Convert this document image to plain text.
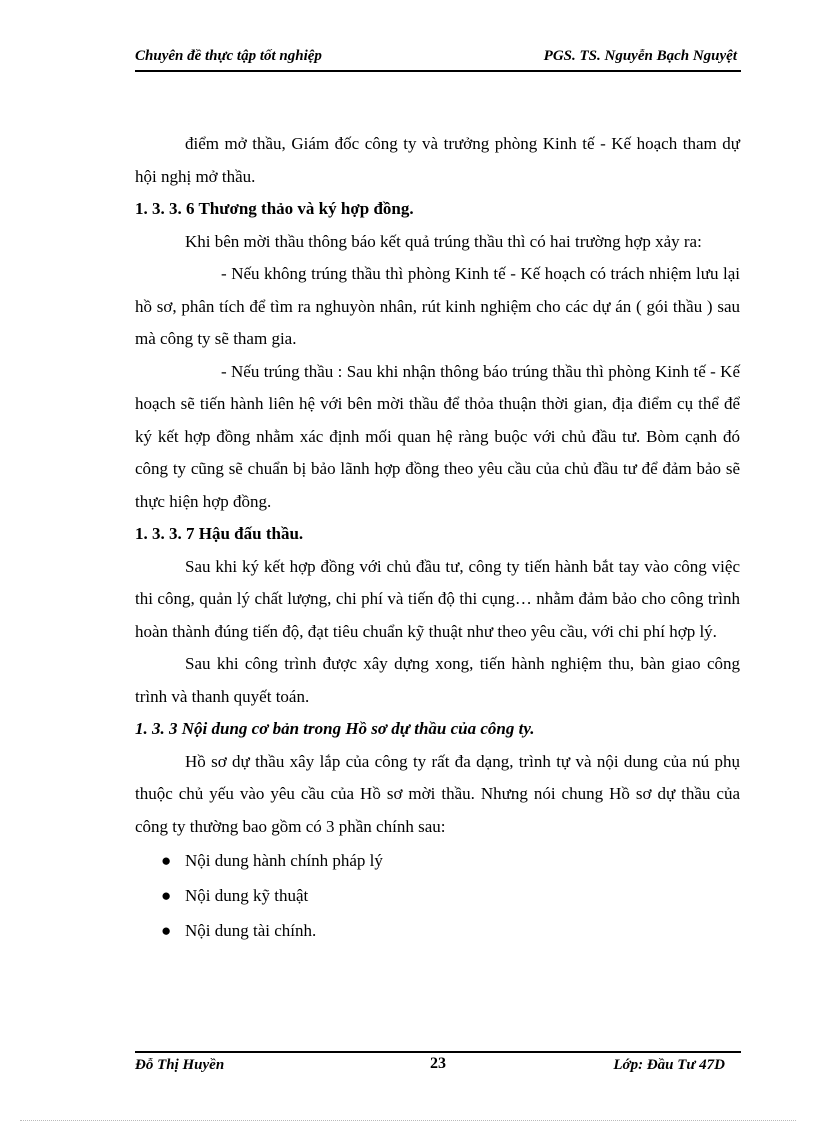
Chuyên đề thực tập tốt nghiệp	PGS. TS. Nguyễn Bạch Nguyệt

điểm mở thầu, Giám đốc công ty và trưởng phòng Kinh tế - Kế hoạch tham dự hội nghị mở thầu.

1. 3. 3. 6 Thương thảo và ký hợp đồng.

Khi bên mời thầu thông báo kết quả trúng thầu thì có hai trường hợp xảy ra:

- Nếu không trúng thầu thì phòng Kinh tế - Kế hoạch có trách nhiệm lưu lại hồ sơ, phân tích để tìm ra nghuyòn nhân, rút kinh nghiệm cho các dự án ( gói thầu ) sau mà công ty sẽ tham gia.

- Nếu trúng thầu : Sau khi nhận thông báo trúng thầu thì phòng Kinh tế - Kế hoạch sẽ tiến hành liên hệ với bên mời thầu để thỏa thuận thời gian, địa điểm cụ thể để ký kết hợp đồng nhằm xác định mối quan hệ ràng buộc với chủ đầu tư. Bòm cạnh đó công ty cũng sẽ chuẩn bị bảo lãnh hợp đồng theo yêu cầu của chủ đầu tư để đảm bảo sẽ thực hiện hợp đồng.

1. 3. 3. 7 Hậu đấu thầu.

Sau khi ký kết hợp đồng với chủ đầu tư, công ty tiến hành bắt tay vào công việc thi công, quản lý chất lượng, chi phí và tiến độ thi cụng… nhằm đảm bảo cho công trình hoàn thành đúng tiến độ, đạt tiêu chuẩn kỹ thuật như theo yêu cầu, với chi phí hợp lý.

Sau khi công trình được xây dựng xong, tiến hành nghiệm thu, bàn giao công trình và thanh quyết toán.

1. 3. 3 Nội dung cơ bản trong Hồ sơ dự thầu của công ty.

Hồ sơ dự thầu xây lắp của công ty rất đa dạng, trình tự và nội dung của nú phụ thuộc chủ yếu vào yêu cầu của Hồ sơ mời thầu. Nhưng nói chung Hồ sơ dự thầu của công ty thường bao gồm có 3 phần chính sau:

● Nội dung hành chính pháp lý
● Nội dung kỹ thuật
● Nội dung tài chính.
Đỗ Thị Huyền	23	Lớp: Đầu Tư 47D
